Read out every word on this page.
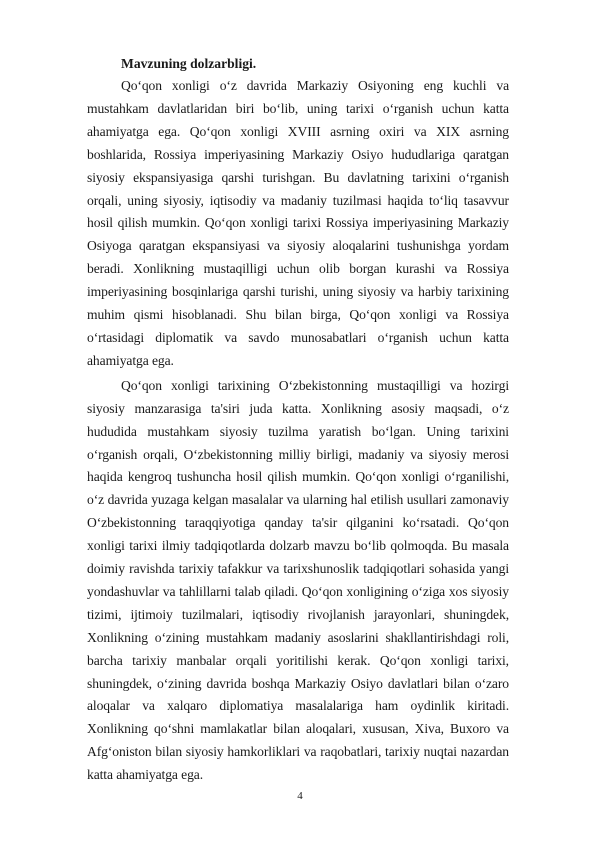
Mavzuning dolzarbligi.

Qo‘qon xonligi o‘z davrida Markaziy Osiyoning eng kuchli va mustahkam davlatlaridan biri bo‘lib, uning tarixi o‘rganish uchun katta ahamiyatga ega. Qo‘qon xonligi XVIII asrning oxiri va XIX asrning boshlarida, Rossiya imperiyasining Markaziy Osiyo hududlariga qaratgan siyosiy ekspansiyasiga qarshi turishgan. Bu davlatning tarixini o‘rganish orqali, uning siyosiy, iqtisodiy va madaniy tuzilmasi haqida to‘liq tasavvur hosil qilish mumkin. Qo‘qon xonligi tarixi Rossiya imperiyasining Markaziy Osiyoga qaratgan ekspansiyasi va siyosiy aloqalarini tushunishga yordam beradi. Xonlikning mustaqilligi uchun olib borgan kurashi va Rossiya imperiyasining bosqinlariga qarshi turishi, uning siyosiy va harbiy tarixining muhim qismi hisoblanadi. Shu bilan birga, Qo‘qon xonligi va Rossiya o‘rtasidagi diplomatik va savdo munosabatlari o‘rganish uchun katta ahamiyatga ega.

Qo‘qon xonligi tarixining O‘zbekistonning mustaqilligi va hozirgi siyosiy manzarasiga ta'siri juda katta. Xonlikning asosiy maqsadi, o‘z hududida mustahkam siyosiy tuzilma yaratish bo‘lgan. Uning tarixini o‘rganish orqali, O‘zbekistonning milliy birligi, madaniy va siyosiy merosi haqida kengroq tushuncha hosil qilish mumkin. Qo‘qon xonligi o‘rganilishi, o‘z davrida yuzaga kelgan masalalar va ularning hal etilish usullari zamonaviy O‘zbekistonning taraqqiyotiga qanday ta'sir qilganini ko‘rsatadi. Qo‘qon xonligi tarixi ilmiy tadqiqotlarda dolzarb mavzu bo‘lib qolmoqda. Bu masala doimiy ravishda tarixiy tafakkur va tarixshunoslik tadqiqotlari sohasida yangi yondashuvlar va tahlillarni talab qiladi. Qo‘qon xonligining o‘ziga xos siyosiy tizimi, ijtimoiy tuzilmalari, iqtisodiy rivojlanish jarayonlari, shuningdek, Xonlikning o‘zining mustahkam madaniy asoslarini shakllantirishdagi roli, barcha tarixiy manbalar orqali yoritilishi kerak. Qo‘qon xonligi tarixi, shuningdek, o‘zining davrida boshqa Markaziy Osiyo davlatlari bilan o‘zaro aloqalar va xalqaro diplomatiya masalalariga ham oydinlik kiritadi. Xonlikning qo‘shni mamlakatlar bilan aloqalari, xususan, Xiva, Buxoro va Afg‘oniston bilan siyosiy hamkorliklari va raqobatlari, tarixiy nuqtai nazardan katta ahamiyatga ega.

4
